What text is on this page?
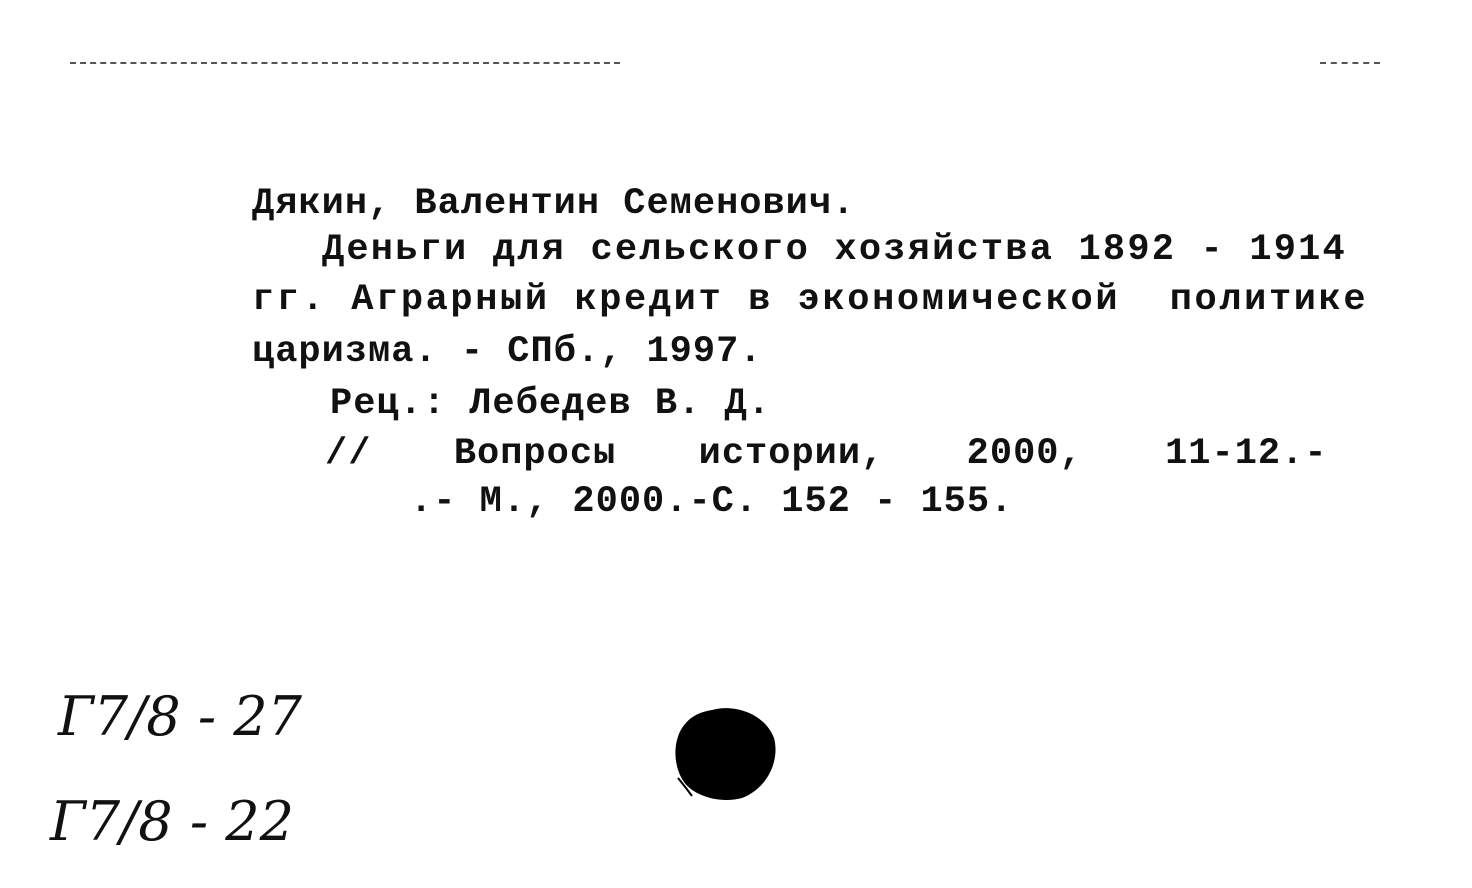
Дякин, Валентин Семенович.
Деньги для сельского хозяйства 1892 - 1914
гг. Аграрный кредит в экономической  политике
царизма. - СПб., 1997.
Рец.: Лебедев В. Д.
//  Вопросы  истории,  2000,  11-12.-
.- М., 2000.-С. 152 - 155.
Г7/8 - 27
Г7/8 - 22
